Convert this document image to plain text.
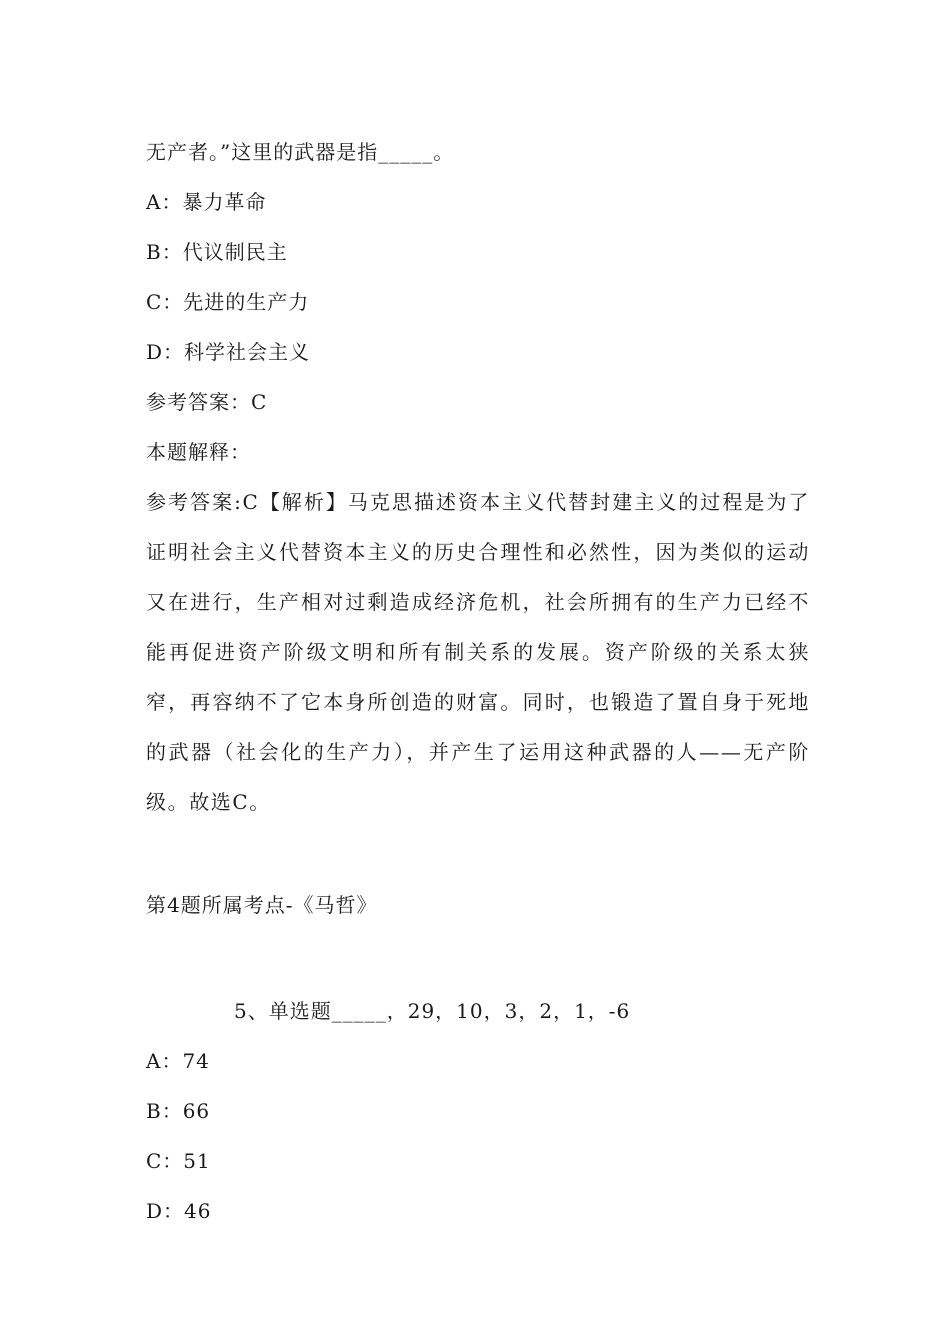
无产者。”这里的武器是指_____。
A：暴力革命
B：代议制民主
C：先进的生产力
D：科学社会主义
参考答案：C
本题解释：

参考答案:C【解析】马克思描述资本主义代替封建主义的过程是为了证明社会主义代替资本主义的历史合理性和必然性，因为类似的运动又在进行，生产相对过剩造成经济危机，社会所拥有的生产力已经不能再促进资产阶级文明和所有制关系的发展。资产阶级的关系太狭窄，再容纳不了它本身所创造的财富。同时，也锻造了置自身于死地的武器（社会化的生产力），并产生了运用这种武器的人——无产阶级。故选C。

第4题所属考点-《马哲》
5、单选题_____，29，10，3，2，1，-6
A：74
B：66
C：51
D：46
